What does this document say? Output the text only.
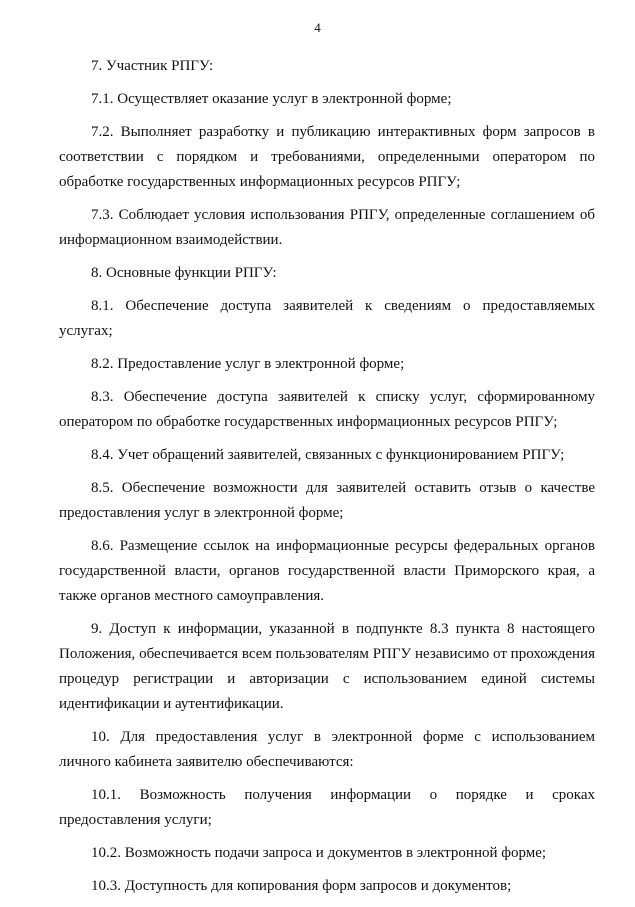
4

7. Участник РПГУ:

7.1. Осуществляет оказание услуг в электронной форме;

7.2. Выполняет разработку и публикацию интерактивных форм запросов в соответствии с порядком и требованиями, определенными оператором по обработке государственных информационных ресурсов РПГУ;

7.3. Соблюдает условия использования РПГУ, определенные соглашением об информационном взаимодействии.

8. Основные функции РПГУ:

8.1. Обеспечение доступа заявителей к сведениям о предоставляемых услугах;

8.2. Предоставление услуг в электронной форме;

8.3. Обеспечение доступа заявителей к списку услуг, сформированному оператором по обработке государственных информационных ресурсов РПГУ;

8.4. Учет обращений заявителей, связанных с функционированием РПГУ;

8.5. Обеспечение возможности для заявителей оставить отзыв о качестве предоставления услуг в электронной форме;

8.6. Размещение ссылок на информационные ресурсы федеральных органов государственной власти, органов государственной власти Приморского края, а также органов местного самоуправления.

9. Доступ к информации, указанной в подпункте 8.3 пункта 8 настоящего Положения, обеспечивается всем пользователям РПГУ независимо от прохождения процедур регистрации и авторизации с использованием единой системы идентификации и аутентификации.

10. Для предоставления услуг в электронной форме с использованием личного кабинета заявителю обеспечиваются:

10.1. Возможность получения информации о порядке и сроках предоставления услуги;

10.2. Возможность подачи запроса и документов в электронной форме;

10.3. Доступность для копирования форм запросов и документов;
